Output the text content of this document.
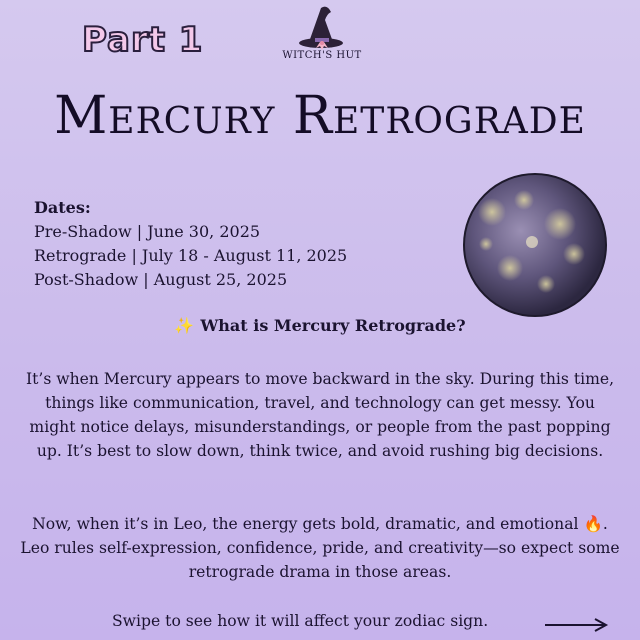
Part 1	WITCH'S HUT
Mercury Retrograde
Dates:
Pre-Shadow | June 30, 2025
Retrograde | July 18 - August 11, 2025
Post-Shadow | August 25, 2025
✨ What is Mercury Retrograde?
It’s when Mercury appears to move backward in the sky. During this time, things like communication, travel, and technology can get messy. You might notice delays, misunderstandings, or people from the past popping up. It’s best to slow down, think twice, and avoid rushing big decisions.
Now, when it’s in Leo, the energy gets bold, dramatic, and emotional 🔥. Leo rules self-expression, confidence, pride, and creativity—so expect some retrograde drama in those areas.
Swipe to see how it will affect your zodiac sign.
